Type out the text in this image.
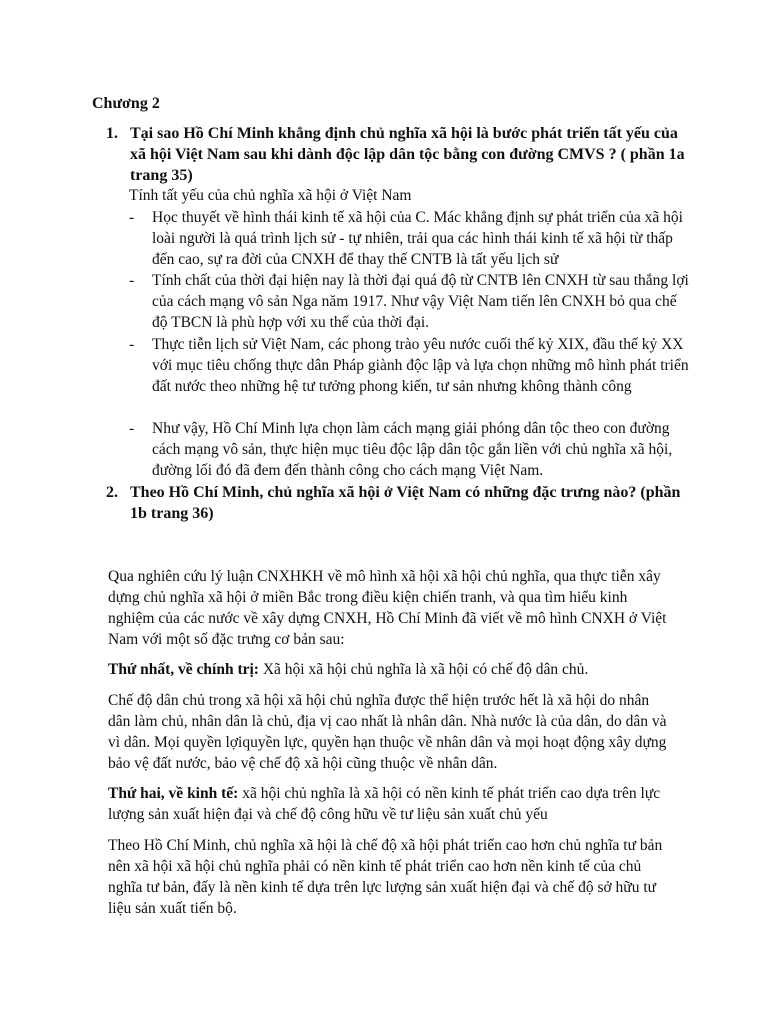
Chương 2
1. Tại sao Hồ Chí Minh khẳng định chủ nghĩa xã hội là bước phát triển tất yếu của xã hội Việt Nam sau khi dành độc lập dân tộc bằng con đường CMVS ? ( phần 1a trang 35)
Tính tất yếu của chủ nghĩa xã hội ở Việt Nam
- Học thuyết về hình thái kinh tế xã hội của C. Mác khẳng định sự phát triển của xã hội loài người là quá trình lịch sử - tự nhiên, trải qua các hình thái kinh tế xã hội từ thấp đến cao, sự ra đời của CNXH để thay thế CNTB là tất yếu lịch sử
- Tính chất của thời đại hiện nay là thời đại quá độ từ CNTB lên CNXH từ sau thắng lợi của cách mạng vô sản Nga năm 1917. Như vậy Việt Nam tiến lên CNXH bỏ qua chế độ TBCN là phù hợp với xu thế của thời đại.
- Thực tiễn lịch sử Việt Nam, các phong trào yêu nước cuối thế kỷ XIX, đầu thế kỷ XX với mục tiêu chống thực dân Pháp giành độc lập và lựa chọn những mô hình phát triển đất nước theo những hệ tư tưởng phong kiến, tư sản nhưng không thành công
- Như vậy, Hồ Chí Minh lựa chọn làm cách mạng giải phóng dân tộc theo con đường cách mạng vô sản, thực hiện mục tiêu độc lập dân tộc gắn liền với chủ nghĩa xã hội, đường lối đó đã đem đến thành công cho cách mạng Việt Nam.
2. Theo Hồ Chí Minh, chủ nghĩa xã hội ở Việt Nam có những đặc trưng nào? (phần 1b trang 36)
Qua nghiên cứu lý luận CNXHKH về mô hình xã hội xã hội chủ nghĩa, qua thực tiễn xây dựng chủ nghĩa xã hội ở miền Bắc trong điều kiện chiến tranh, và qua tìm hiểu kinh nghiệm của các nước về xây dựng CNXH, Hồ Chí Minh đã viết về mô hình CNXH ở Việt Nam với một số đặc trưng cơ bản sau:
Thứ nhất, về chính trị: Xã hội xã hội chủ nghĩa là xã hội có chế độ dân chủ.
Chế độ dân chủ trong xã hội xã hội chủ nghĩa được thể hiện trước hết là xã hội do nhân dân làm chủ, nhân dân là chủ, địa vị cao nhất là nhân dân. Nhà nước là của dân, do dân và vì dân. Mọi quyền lợiquyền lực, quyền hạn thuộc về nhân dân và mọi hoạt động xây dựng bảo vệ đất nước, bảo vệ chế độ xã hội cũng thuộc về nhân dân.
Thứ hai, về kinh tế: xã hội chủ nghĩa là xã hội có nền kinh tế phát triển cao dựa trên lực lượng sản xuất hiện đại và chế độ công hữu về tư liệu sản xuất chủ yếu
Theo Hồ Chí Minh, chủ nghĩa xã hội là chế độ xã hội phát triển cao hơn chủ nghĩa tư bản nên xã hội xã hội chủ nghĩa phải có nền kinh tế phát triển cao hơn nền kinh tế của chủ nghĩa tư bản, đấy là nền kinh tế dựa trên lực lượng sản xuất hiện đại và chế độ sở hữu tư liệu sản xuất tiến bộ.
